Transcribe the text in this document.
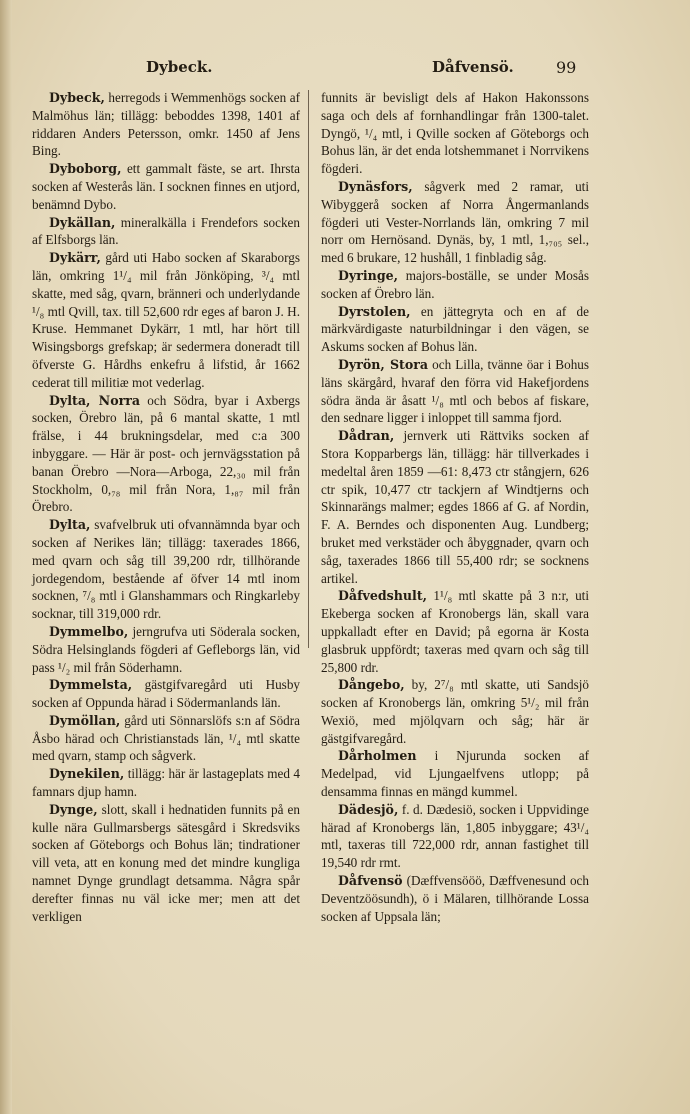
Dybeck.	Dåfvensö.	99

Dybeck, herregods i Wemmenhögs socken af Malmöhus län; tillägg: beboddes 1398, 1401 af riddaren Anders Petersson, omkr. 1450 af Jens Bing.

Dyboborg, ett gammalt fäste, se art. Ihrsta socken af Westerås län. I socknen finnes en utjord, benämnd Dybo.

Dykällan, mineralkälla i Frendefors socken af Elfsborgs län.

Dykärr, gård uti Habo socken af Skaraborgs län, omkring 1¹/₄ mil från Jönköping, ³/₄ mtl skatte, med såg, qvarn, bränneri och underlydande ¹/₈ mtl Qvill, tax. till 52,600 rdr eges af baron J. H. Kruse. Hemmanet Dykärr, 1 mtl, har hört till Wisingsborgs grefskap; är sedermera doneradt till öfverste G. Hårdhs enkefru å lifstid, år 1662 cederat till militiæ mot vederlag.

Dylta, Norra och Södra, byar i Axbergs socken, Örebro län, på 6 mantal skatte, 1 mtl frälse, i 44 brukningsdelar, med c:a 300 inbyggare. — Här är post- och jernvägsstation på banan Örebro —Nora—Arboga, 22,₃₀ mil från Stockholm, 0,₇₈ mil från Nora, 1,₈₇ mil från Örebro.

Dylta, svafvelbruk uti ofvannämnda byar och socken af Nerikes län; tillägg: taxerades 1866, med qvarn och såg till 39,200 rdr, tillhörande jordegendom, bestående af öfver 14 mtl inom socknen, ⁷/₈ mtl i Glanshammars och Ringkarleby socknar, till 319,000 rdr.

Dymmelbo, jerngrufva uti Söderala socken, Södra Helsinglands fögderi af Gefleborgs län, vid pass ¹/₂ mil från Söderhamn.

Dymmelsta, gästgifvaregård uti Husby socken af Oppunda härad i Södermanlands län.

Dymöllan, gård uti Sönnarslöfs s:n af Södra Åsbo härad och Christianstads län, ¹/₄ mtl skatte med qvarn, stamp och sågverk.

Dynekilen, tillägg: här är lastageplats med 4 famnars djup hamn.

Dynge, slott, skall i hednatiden funnits på en kulle nära Gullmarsbergs sätesgård i Skredsviks socken af Göteborgs och Bohus län; tindrationer vill veta, att en konung med det mindre kungliga namnet Dynge grundlagt detsamma. Några spår derefter finnas nu väl icke mer; men att det verkligen

funnits är bevisligt dels af Hakon Hakonssons saga och dels af fornhandlingar från 1300-talet. Dyngö, ¹/₄ mtl, i Qville socken af Göteborgs och Bohus län, är det enda lotshemmanet i Norrvikens fögderi.

Dynäsfors, sågverk med 2 ramar, uti Wibyggerå socken af Norra Ångermanlands fögderi uti Vester-Norrlands län, omkring 7 mil norr om Hernösand. Dynäs, by, 1 mtl, 1,₇₀₅ sel., med 6 brukare, 12 hushåll, 1 finbladig såg.

Dyringe, majors-boställe, se under Mosås socken af Örebro län.

Dyrstolen, en jättegryta och en af de märkvärdigaste naturbildningar i den vägen, se Askums socken af Bohus län.

Dyrön, Stora och Lilla, tvänne öar i Bohus läns skärgård, hvaraf den förra vid Hakefjordens södra ända är åsatt ¹/₈ mtl och bebos af fiskare, den sednare ligger i inloppet till samma fjord.

Dådran, jernverk uti Rättviks socken af Stora Kopparbergs län, tillägg: här tillverkades i medeltal åren 1859 —61: 8,473 ctr stångjern, 626 ctr spik, 10,477 ctr tackjern af Windtjerns och Skinnarängs malmer; egdes 1866 af G. af Nordin, F. A. Berndes och disponenten Aug. Lundberg; bruket med verkstäder och åbyggnader, qvarn och såg, taxerades 1866 till 55,400 rdr; se socknens artikel.

Dåfvedshult, 1¹/₈ mtl skatte på 3 n:r, uti Ekeberga socken af Kronobergs län, skall vara uppkalladt efter en David; på egorna är Kosta glasbruk uppfördt; taxeras med qvarn och såg till 25,800 rdr.

Dångebo, by, 2⁷/₈ mtl skatte, uti Sandsjö socken af Kronobergs län, omkring 5¹/₂ mil från Wexiö, med mjölqvarn och såg; här är gästgifvaregård.

Dårholmen i Njurunda socken af Medelpad, vid Ljungaelfvens utlopp; på densamma finnas en mängd kummel.

Dädesjö, f. d. Dædesiö, socken i Uppvidinge härad af Kronobergs län, 1,805 inbyggare; 43¹/₄ mtl, taxeras till 722,000 rdr, annan fastighet till 19,540 rdr rmt.

Dåfvensö (Dæffvensööö, Dæffvenesund och Deventzöösundh), ö i Mälaren, tillhörande Lossa socken af Uppsala län;
